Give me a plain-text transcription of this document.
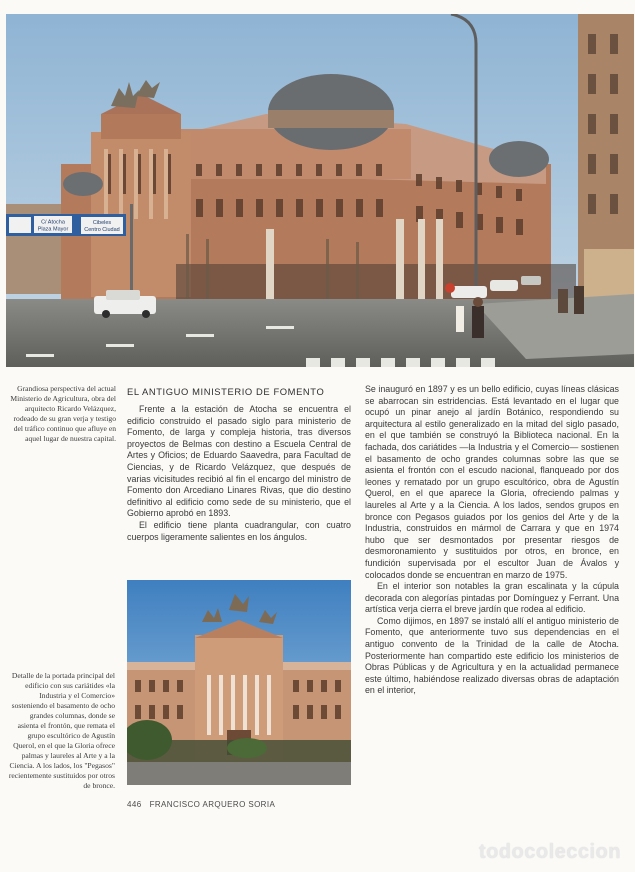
C/ Atocha
Plaza Mayor
Cibeles
Centro Ciudad
Grandiosa perspectiva del actual Ministerio de Agricultura, obra del arquitecto Ricardo Velázquez, rodeado de su gran verja y testigo del tráfico continuo que afluye en aquel lugar de nuestra capital.
Detalle de la portada principal del edificio con sus cariátides «la Industria y el Comercio» sosteniendo el basamento de ocho grandes columnas, donde se asienta el frontón, que remata el grupo escultórico de Agustín Querol, en el que la Gloria ofrece palmas y laureles al Arte y a la Ciencia. A los lados, los "Pegasos" recientemente sustituidos por otros de bronce.
EL ANTIGUO MINISTERIO DE FOMENTO

Frente a la estación de Atocha se encuentra el edificio construido el pasado siglo para ministerio de Fomento, de larga y compleja historia, tras diversos proyectos de Belmas con destino a Escuela Central de Artes y Oficios; de Eduardo Saavedra, para Facultad de Ciencias, y de Ricardo Velázquez, que después de varias vicisitudes recibió al fin el encargo del ministro de Fomento don Arcediano Linares Rivas, que dio destino definitivo al edificio como sede de su ministerio, que el Gobierno aprobó en 1893.

El edificio tiene planta cuadrangular, con cuatro cuerpos ligeramente salientes en los ángulos.

Se inauguró en 1897 y es un bello edificio, cuyas líneas clásicas se abarrocan sin estridencias. Está levantado en el lugar que ocupó un pinar anejo al jardín Botánico, respondiendo su arquitectura al estilo generalizado en la mitad del siglo pasado, en el que también se construyó la Biblioteca nacional. En la fachada, dos cariátides —la Industria y el Comercio— sostienen el basamento de ocho grandes columnas sobre las que se asienta el frontón con el escudo nacional, flanqueado por dos leones y rematado por un grupo escultórico, obra de Agustín Querol, en el que aparece la Gloria, ofreciendo palmas y laureles al Arte y a la Ciencia. A los lados, sendos grupos en bronce con Pegasos guiados por los genios del Arte y de la Industria, construidos en mármol de Carrara y que en 1974 hubo que ser desmontados por presentar riesgos de desmoronamiento y sustituidos por otros, en bronce, en fundición supervisada por el escultor Juan de Ávalos y colocados donde se encuentran en marzo de 1975.

En el interior son notables la gran escalinata y la cúpula decorada con alegorías pintadas por Domínguez y Ferrant. Una artística verja cierra el breve jardín que rodea al edificio.

Como dijimos, en 1897 se instaló allí el antiguo ministerio de Fomento, que anteriormente tuvo sus dependencias en el antiguo convento de la Trinidad de la calle de Atocha. Posteriormente han compartido este edificio los ministerios de Obras Públicas y de Agricultura y en la actualidad permanece este último, habiéndose realizado diversas obras de adaptación en el interior,

446 FRANCISCO ARQUERO SORIA
todocoleccion
